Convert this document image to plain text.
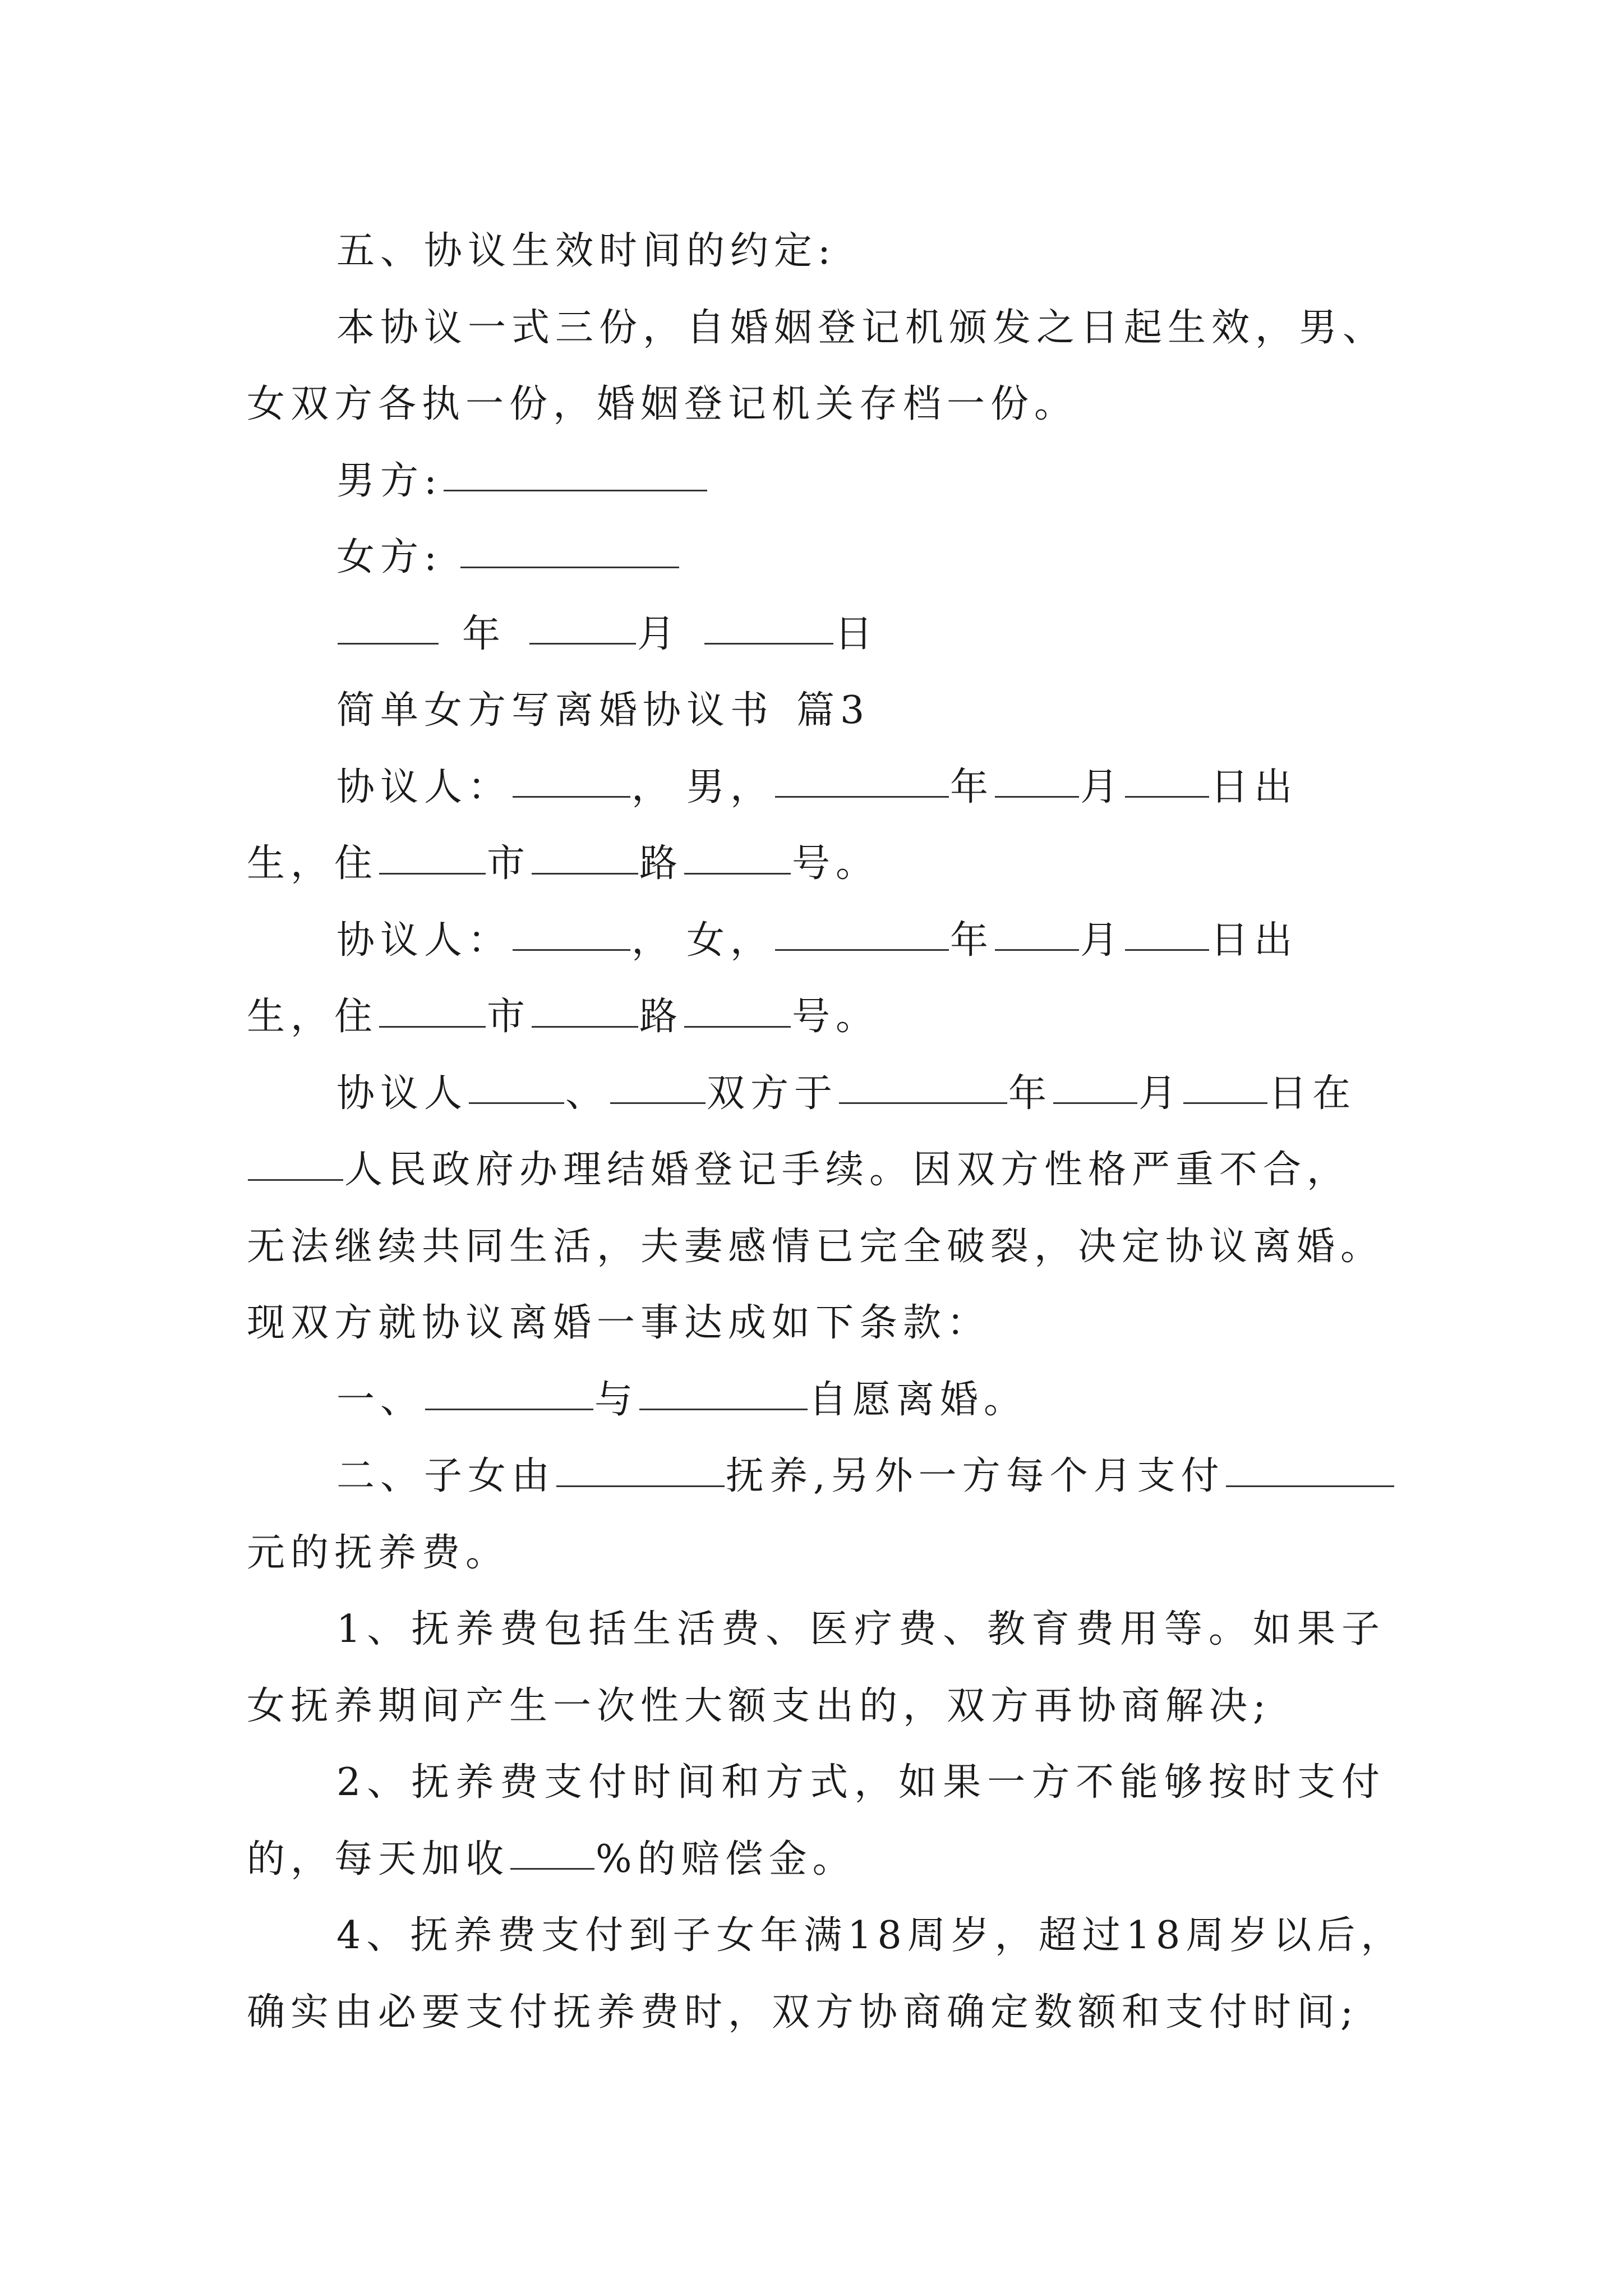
五、协议生效时间的约定:
本协议一式三份，自婚姻登记机颁发之日起生效，男、
女双方各执一份，婚姻登记机关存档一份。
男方:
女方:
年	月	日
简单女方写离婚协议书 篇3
协议人：	， 男，	年 月 日出
生，住	市	路	号。
协议人：	， 女，	年 月 日出
生，住	市	路	号。
协议人	、	双方于	年 月 日在
人民政府办理结婚登记手续。因双方性格严重不合，
无法继续共同生活，夫妻感情已完全破裂，决定协议离婚。
现双方就协议离婚一事达成如下条款：
一、	与	自愿离婚。
二、子女由	抚养,另外一方每个月支付
元的抚养费。
1、抚养费包括生活费、医疗费、教育费用等。如果子
女抚养期间产生一次性大额支出的，双方再协商解决;
2、抚养费支付时间和方式，如果一方不能够按时支付
的，每天加收 %的赔偿金。
4、抚养费支付到子女年满18周岁，超过18周岁以后，
确实由必要支付抚养费时，双方协商确定数额和支付时间;
